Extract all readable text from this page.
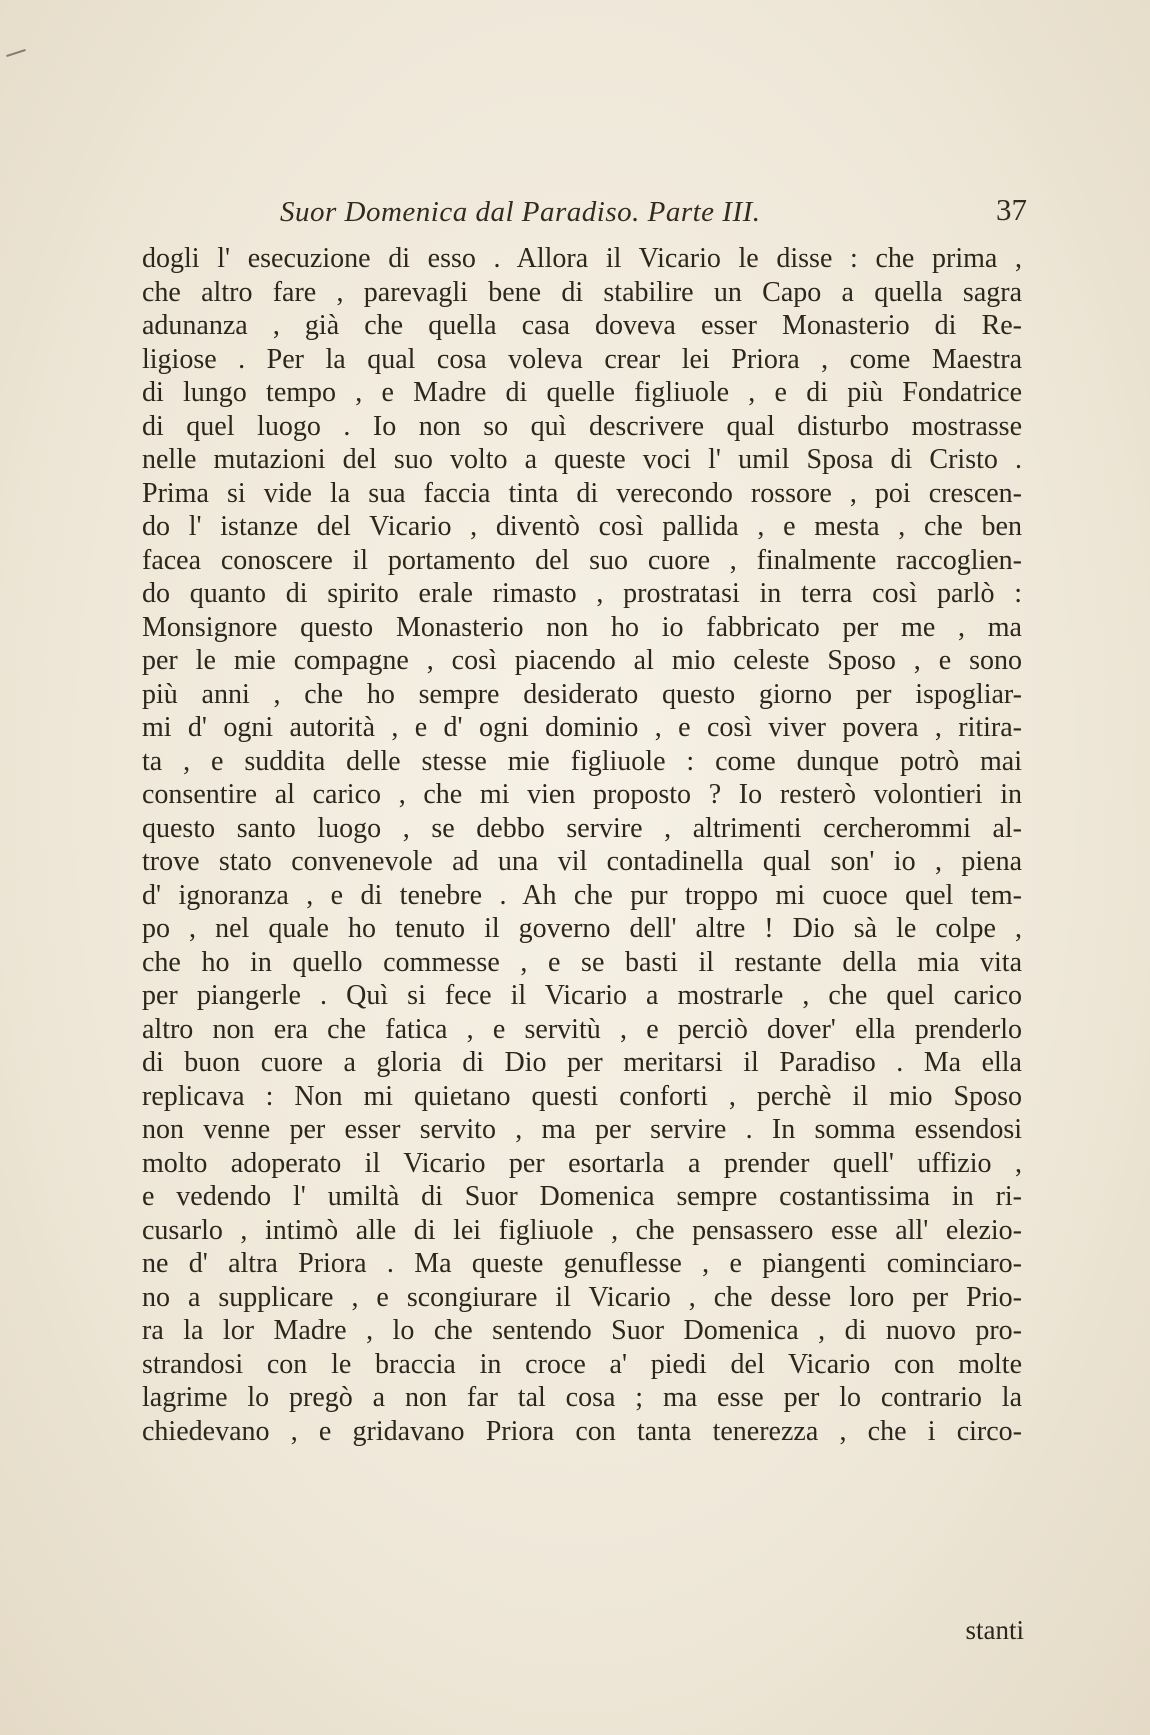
Suor Domenica dal Paradiso. Parte III.	37
dogli l' esecuzione di esso . Allora il Vicario le disse : che prima ,
che altro fare , parevagli bene di stabilire un Capo a quella sagra
adunanza , già che quella casa doveva esser Monasterio di Re-
ligiose . Per la qual cosa voleva crear lei Priora , come Maestra
di lungo tempo , e Madre di quelle figliuole , e di più Fondatrice
di quel luogo . Io non so quì descrivere qual disturbo mostrasse
nelle mutazioni del suo volto a queste voci l' umil Sposa di Cristo .
Prima si vide la sua faccia tinta di verecondo rossore , poi crescen-
do l' istanze del Vicario , diventò così pallida , e mesta , che ben
facea conoscere il portamento del suo cuore , finalmente raccoglien-
do quanto di spirito erale rimasto , prostratasi in terra così parlò :
Monsignore questo Monasterio non ho io fabbricato per me , ma
per le mie compagne , così piacendo al mio celeste Sposo , e sono
più anni , che ho sempre desiderato questo giorno per ispogliar-
mi d' ogni autorità , e d' ogni dominio , e così viver povera , ritira-
ta , e suddita delle stesse mie figliuole : come dunque potrò mai
consentire al carico , che mi vien proposto ? Io resterò volontieri in
questo santo luogo , se debbo servire , altrimenti cercherommi al-
trove stato convenevole ad una vil contadinella qual son' io , piena
d' ignoranza , e di tenebre . Ah che pur troppo mi cuoce quel tem-
po , nel quale ho tenuto il governo dell' altre ! Dio sà le colpe ,
che ho in quello commesse , e se basti il restante della mia vita
per piangerle . Quì si fece il Vicario a mostrarle , che quel carico
altro non era che fatica , e servitù , e perciò dover' ella prenderlo
di buon cuore a gloria di Dio per meritarsi il Paradiso . Ma ella
replicava : Non mi quietano questi conforti , perchè il mio Sposo
non venne per esser servito , ma per servire . In somma essendosi
molto adoperato il Vicario per esortarla a prender quell' uffizio ,
e vedendo l' umiltà di Suor Domenica sempre costantissima in ri-
cusarlo , intimò alle di lei figliuole , che pensassero esse all' elezio-
ne d' altra Priora . Ma queste genuflesse , e piangenti cominciaro-
no a supplicare , e scongiurare il Vicario , che desse loro per Prio-
ra la lor Madre , lo che sentendo Suor Domenica , di nuovo pro-
strandosi con le braccia in croce a' piedi del Vicario con molte
lagrime lo pregò a non far tal cosa ; ma esse per lo contrario la
chiedevano , e gridavano Priora con tanta tenerezza , che i circo-
stanti
